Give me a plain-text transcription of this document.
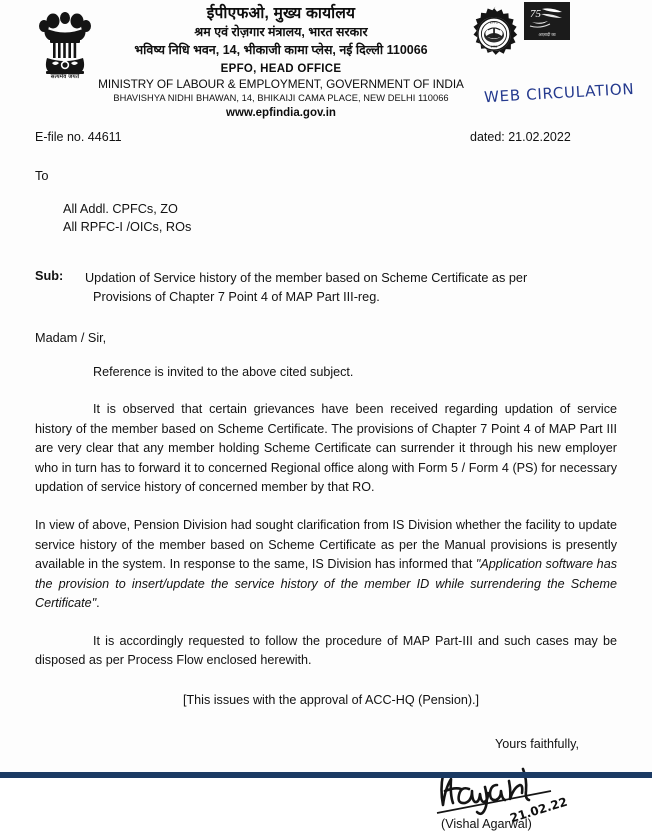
सत्यमेव जयते
ईपीएफओ, मुख्य कार्यालय
श्रम एवं रोज़गार मंत्रालय, भारत सरकार
भविष्य निधि भवन, 14, भीकाजी कामा प्लेस, नई दिल्ली 110066
EPFO, HEAD OFFICE
MINISTRY OF LABOUR & EMPLOYMENT, GOVERNMENT OF INDIA
BHAVISHYA NIDHI BHAWAN, 14, BHIKAIJI CAMA PLACE, NEW DELHI 110066
www.epfindia.gov.in
EPFO
1952
75
आज़ादी का
WEB CIRCULATION
E-file no. 44611	dated: 21.02.2022
To
All Addl. CPFCs, ZO
All RPFC-I /OICs, ROs
Sub:	Updation of Service history of the member based on Scheme Certificate as per
Provisions of Chapter 7 Point 4 of MAP Part III-reg.
Madam / Sir,
Reference is invited to the above cited subject.
It is observed that certain grievances have been received regarding updation of service history of the member based on Scheme Certificate. The provisions of Chapter 7 Point 4 of MAP Part III are very clear that any member holding Scheme Certificate can surrender it through his new employer who in turn has to forward it to concerned Regional office along with Form 5 / Form 4 (PS) for necessary updation of service history of concerned member by that RO.
In view of above, Pension Division had sought clarification from IS Division whether the facility to update service history of the member based on Scheme Certificate as per the Manual provisions is presently available in the system. In response to the same, IS Division has informed that "Application software has the provision to insert/update the service history of the member ID while surrendering the Scheme Certificate".
It is accordingly requested to follow the procedure of MAP Part-III and such cases may be disposed as per Process Flow enclosed herewith.
[This issues with the approval of ACC-HQ (Pension).]
Yours faithfully,
21.02.22
(Vishal Agarwal)
